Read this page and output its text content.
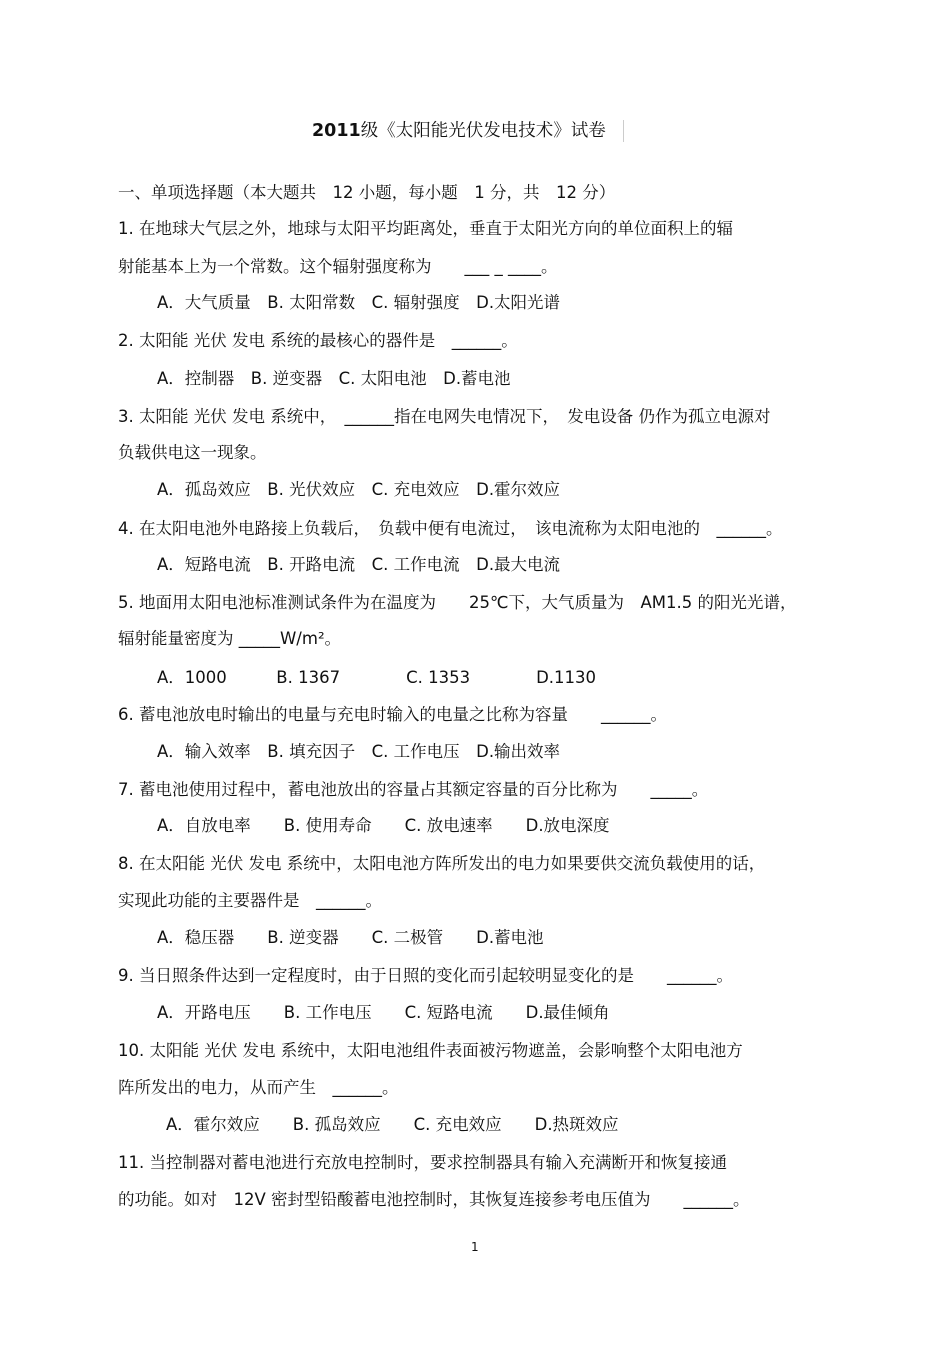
2011级《太阳能光伏发电技术》试卷
一、单项选择题（本大题共　12 小题，每小题　1 分，共　12 分）
1. 在地球大气层之外，地球与太阳平均距离处，垂直于太阳光方向的单位面积上的辐
射能基本上为一个常数。这个辐射强度称为　　___ _ ____。
A．大气质量　B. 太阳常数　C. 辐射强度　D.太阳光谱
2. 太阳能 光伏 发电 系统的最核心的器件是　______。
A．控制器　B. 逆变器　C. 太阳电池　D.蓄电池
3. 太阳能 光伏 发电 系统中，　______指在电网失电情况下，　发电设备 仍作为孤立电源对
负载供电这一现象。
A．孤岛效应　B. 光伏效应　C. 充电效应　D.霍尔效应
4. 在太阳电池外电路接上负载后，　负载中便有电流过，　该电流称为太阳电池的　______。
A．短路电流　B. 开路电流　C. 工作电流　D.最大电流
5. 地面用太阳电池标准测试条件为在温度为　　25℃下，大气质量为　AM1.5 的阳光光谱，
辐射能量密度为 _____W/m²。
A．1000　　　B. 1367　　　　C. 1353　　　　D.1130
6. 蓄电池放电时输出的电量与充电时输入的电量之比称为容量　　______。
A．输入效率　B. 填充因子　C. 工作电压　D.输出效率
7. 蓄电池使用过程中，蓄电池放出的容量占其额定容量的百分比称为　　_____。
A．自放电率　　B. 使用寿命　　C. 放电速率　　D.放电深度
8. 在太阳能 光伏 发电 系统中，太阳电池方阵所发出的电力如果要供交流负载使用的话，
实现此功能的主要器件是　______。
A．稳压器　　B. 逆变器　　C. 二极管　　D.蓄电池
9. 当日照条件达到一定程度时，由于日照的变化而引起较明显变化的是　　______。
A．开路电压　　B. 工作电压　　C. 短路电流　　D.最佳倾角
10. 太阳能 光伏 发电 系统中，太阳电池组件表面被污物遮盖，会影响整个太阳电池方
阵所发出的电力，从而产生　______。
A．霍尔效应　　B. 孤岛效应　　C. 充电效应　　D.热斑效应
11. 当控制器对蓄电池进行充放电控制时，要求控制器具有输入充满断开和恢复接通
的功能。如对　12V 密封型铅酸蓄电池控制时，其恢复连接参考电压值为　　______。
1
